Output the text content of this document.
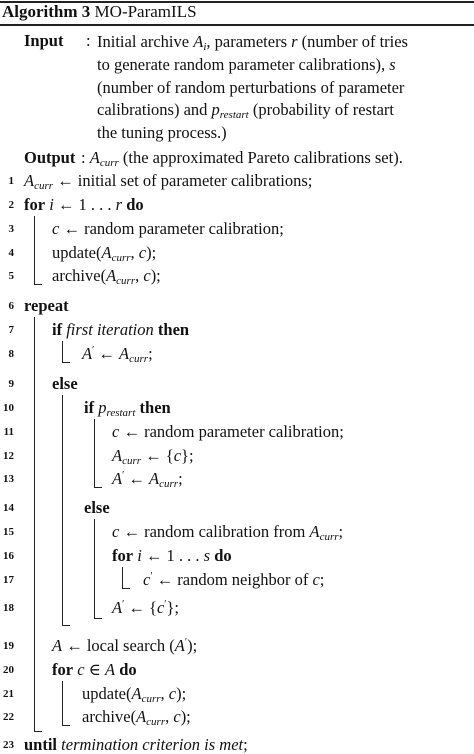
Algorithm 3 MO-ParamILS
Input : Initial archive $A_i$, parameters r (number of tries
to generate random parameter calibrations), s
(number of random perturbations of parameter
calibrations) and $p_{restart}$ (probability of restart
the tuning process.)
Output : $A_{curr}$ (the approximated Pareto calibrations set).
1
2
3
4
5
6
7
8
9
10
11
12
13
14
15
16
17
18
19
20
21
22
23
$A_{curr}$ ← initial set of parameter calibrations;
for i ← 1 . . . r do
c ← random parameter calibration;
$update(A_{curr}$, c);
$archive(A_{curr}$, c);
repeat
if first iteration then
A′ ← $A_{curr}$;
else
if $p_{restart}$ then
c ← random parameter calibration;
$A_{curr}$ ← {c};
A′ ← $A_{curr}$;
else
c ← random calibration from $A_{curr}$;
for i ← 1 . . . s do
c′ ← random neighbor of c;
A′ ← {c′};
A ← local search (A′);
for c ∈ A do
$update(A_{curr}$, c);
$archive(A_{curr}$, c);
until termination criterion is met;
